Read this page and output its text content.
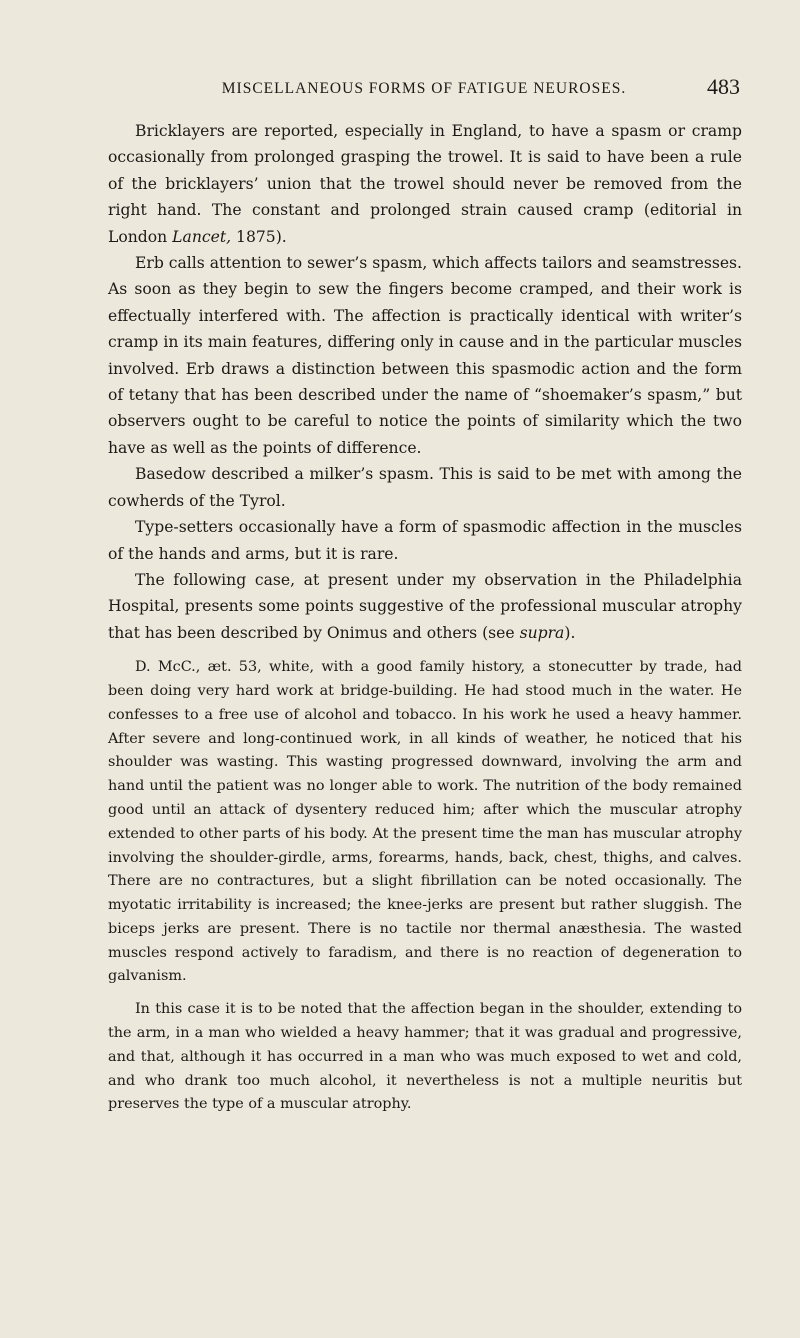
MISCELLANEOUS FORMS OF FATIGUE NEUROSES.	483

Bricklayers are reported, especially in England, to have a spasm or cramp occasionally from prolonged grasping the trowel. It is said to have been a rule of the bricklayers’ union that the trowel should never be removed from the right hand. The constant and prolonged strain caused cramp (editorial in London Lancet, 1875).

Erb calls attention to sewer’s spasm, which affects tailors and seamstresses. As soon as they begin to sew the fingers become cramped, and their work is effectually interfered with. The affection is practically identical with writer’s cramp in its main features, differing only in cause and in the particular muscles involved. Erb draws a distinction between this spasmodic action and the form of tetany that has been described under the name of “shoemaker’s spasm,” but observers ought to be careful to notice the points of similarity which the two have as well as the points of difference.

Basedow described a milker’s spasm. This is said to be met with among the cowherds of the Tyrol.

Type-setters occasionally have a form of spasmodic affection in the muscles of the hands and arms, but it is rare.

The following case, at present under my observation in the Philadelphia Hospital, presents some points suggestive of the professional muscular atrophy that has been described by Onimus and others (see supra).

D. McC., æt. 53, white, with a good family history, a stonecutter by trade, had been doing very hard work at bridge-building. He had stood much in the water. He confesses to a free use of alcohol and tobacco. In his work he used a heavy hammer. After severe and long-continued work, in all kinds of weather, he noticed that his shoulder was wasting. This wasting progressed downward, involving the arm and hand until the patient was no longer able to work. The nutrition of the body remained good until an attack of dysentery reduced him; after which the muscular atrophy extended to other parts of his body. At the present time the man has muscular atrophy involving the shoulder-girdle, arms, forearms, hands, back, chest, thighs, and calves. There are no contractures, but a slight fibrillation can be noted occasionally. The myotatic irritability is increased; the knee-jerks are present but rather sluggish. The biceps jerks are present. There is no tactile nor thermal anæsthesia. The wasted muscles respond actively to faradism, and there is no reaction of degeneration to galvanism.

In this case it is to be noted that the affection began in the shoulder, extending to the arm, in a man who wielded a heavy hammer; that it was gradual and progressive, and that, although it has occurred in a man who was much exposed to wet and cold, and who drank too much alcohol, it nevertheless is not a multiple neuritis but preserves the type of a muscular atrophy.
